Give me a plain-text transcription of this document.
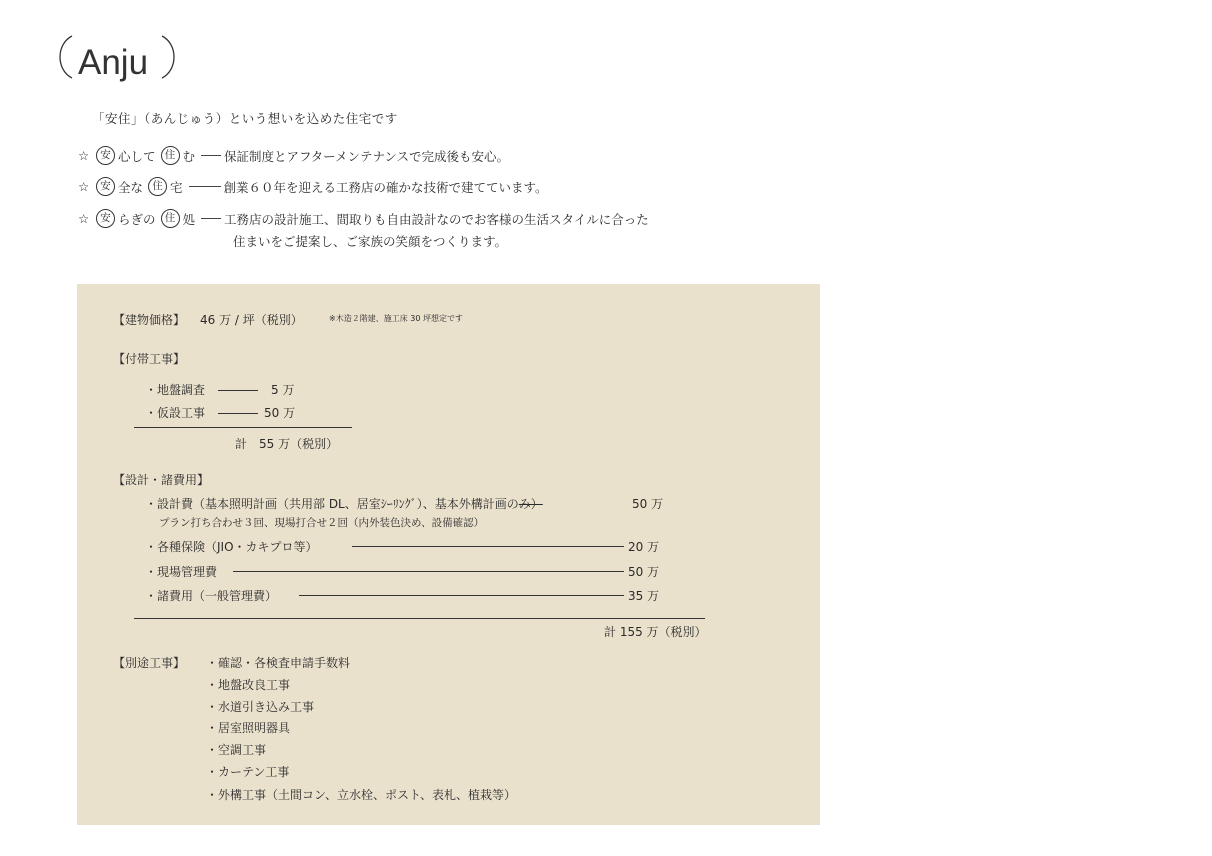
Anju
「安住」（あんじゅう）という想いを込めた住宅です
☆	安 心して 住 む 保証制度とアフターメンテナンスで完成後も安心。
☆	安 全な 住 宅	創業６０年を迎える工務店の確かな技術で建てています。
☆	安 らぎの 住 処 工務店の設計施工、間取りも自由設計なのでお客様の生活スタイルに合った
住まいをご提案し、ご家族の笑顔をつくります。
【建物価格】 46 万 / 坪（税別）	※木造２階建、施工床 30 坪想定です
【付帯工事】
・地盤調査	5 万
・仮設工事	50 万
計　55 万（税別）
【設計・諸費用】
・設計費（基本照明計画（共用部 DL、居室ｼｰﾘﾝｸﾞ）、基本外構計画のみ）	50 万
プラン打ち合わせ３回、現場打合せ２回（内外装色決め、設備確認）
・各種保険（JIO・カキプロ等）	20 万
・現場管理費	50 万
・諸費用（一般管理費）	35 万
計 155 万（税別）
【別途工事】 ・確認・各検査申請手数料
・地盤改良工事
・水道引き込み工事
・居室照明器具
・空調工事
・カーテン工事
・外構工事（土間コン、立水栓、ポスト、表札、植栽等）
